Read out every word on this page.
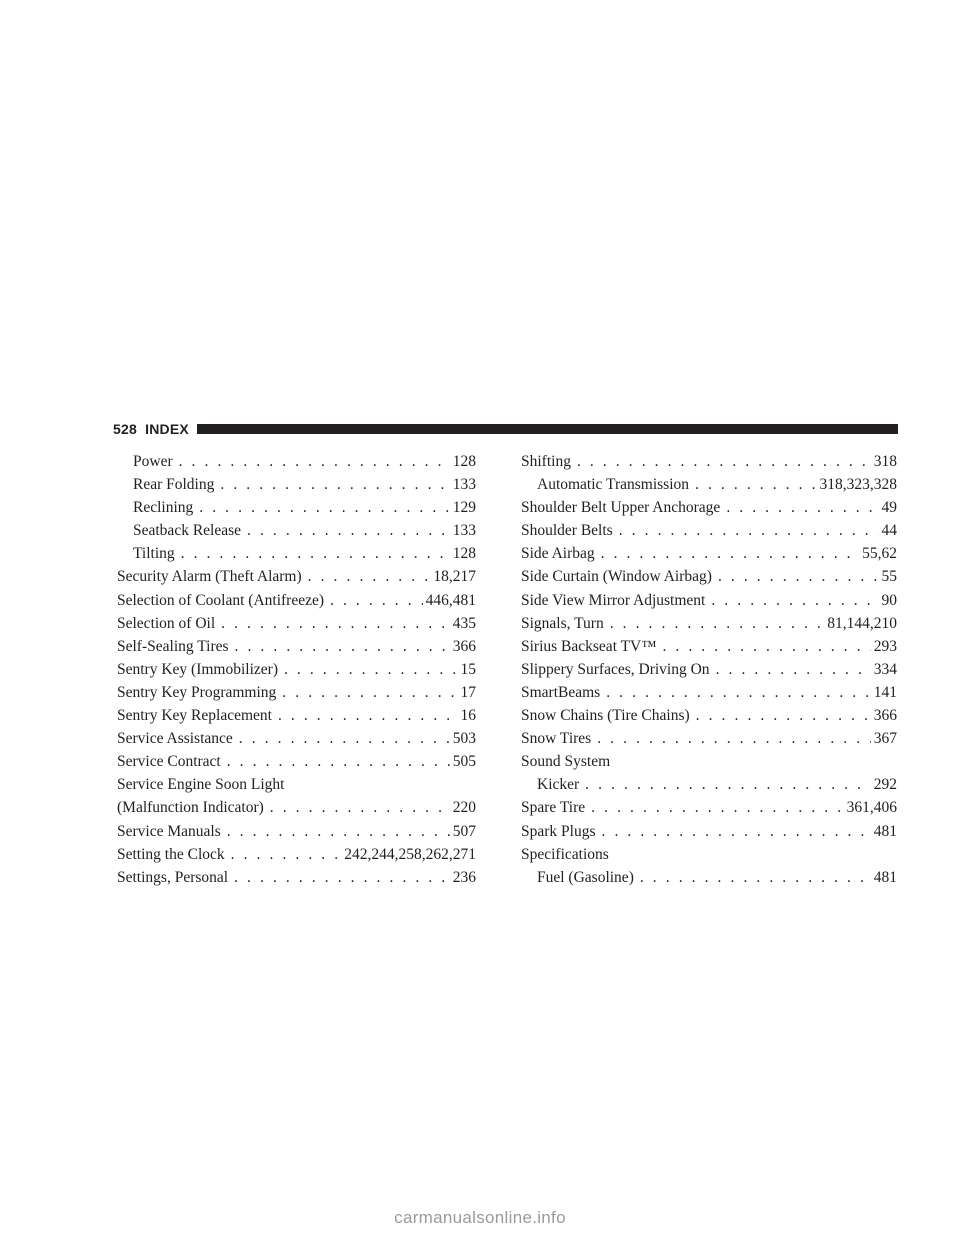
528 INDEX
Power . . .	128
Rear Folding . . .	133
Reclining . . .	129
Seatback Release . . .	133
Tilting . . .	128
Security Alarm (Theft Alarm) . . .	18,217
Selection of Coolant (Antifreeze) . . .	446,481
Selection of Oil . . .	435
Self-Sealing Tires . . .	366
Sentry Key (Immobilizer) . . .	15
Sentry Key Programming . . .	17
Sentry Key Replacement . . .	16
Service Assistance . . .	503
Service Contract . . .	505
Service Engine Soon Light
(Malfunction Indicator) . . .	220
Service Manuals . . .	507
Setting the Clock . . .	242,244,258,262,271
Settings, Personal . . .	236
Shifting . . .	318
Automatic Transmission . . .	318,323,328
Shoulder Belt Upper Anchorage . . .	49
Shoulder Belts . . .	44
Side Airbag . . .	55,62
Side Curtain (Window Airbag) . . .	55
Side View Mirror Adjustment . . .	90
Signals, Turn . . .	81,144,210
Sirius Backseat TV™ . . .	293
Slippery Surfaces, Driving On . . .	334
SmartBeams . . .	141
Snow Chains (Tire Chains) . . .	366
Snow Tires . . .	367
Sound System
Kicker . . .	292
Spare Tire . . .	361,406
Spark Plugs . . .	481
Specifications
Fuel (Gasoline) . . .	481
carmanualsonline.info
